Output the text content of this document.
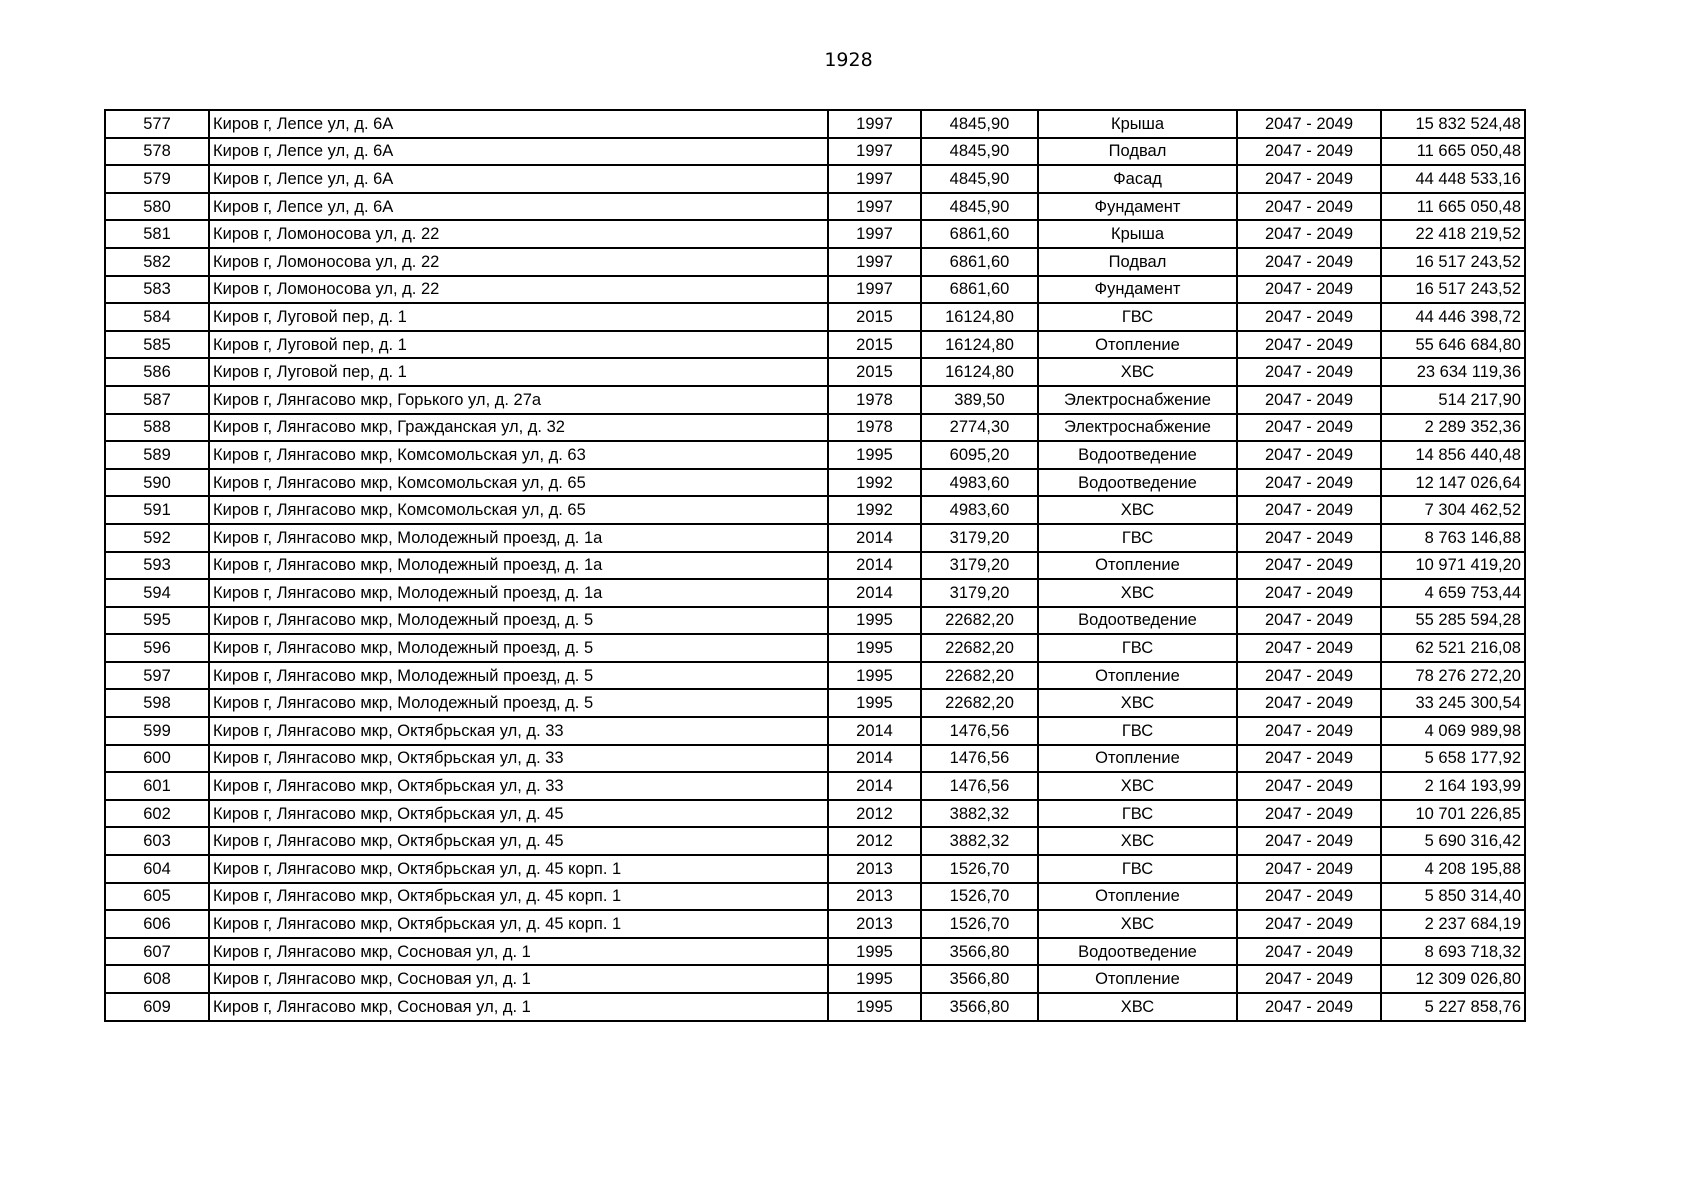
1928
577	Киров г, Лепсе ул, д. 6А	1997	4845,90	Крыша	2047 - 2049	15 832 524,48
578	Киров г, Лепсе ул, д. 6А	1997	4845,90	Подвал	2047 - 2049	11 665 050,48
579	Киров г, Лепсе ул, д. 6А	1997	4845,90	Фасад	2047 - 2049	44 448 533,16
580	Киров г, Лепсе ул, д. 6А	1997	4845,90	Фундамент	2047 - 2049	11 665 050,48
581	Киров г, Ломоносова ул, д. 22	1997	6861,60	Крыша	2047 - 2049	22 418 219,52
582	Киров г, Ломоносова ул, д. 22	1997	6861,60	Подвал	2047 - 2049	16 517 243,52
583	Киров г, Ломоносова ул, д. 22	1997	6861,60	Фундамент	2047 - 2049	16 517 243,52
584	Киров г, Луговой пер, д. 1	2015	16124,80	ГВС	2047 - 2049	44 446 398,72
585	Киров г, Луговой пер, д. 1	2015	16124,80	Отопление	2047 - 2049	55 646 684,80
586	Киров г, Луговой пер, д. 1	2015	16124,80	ХВС	2047 - 2049	23 634 119,36
587	Киров г, Лянгасово мкр, Горького ул, д. 27а	1978	389,50	Электроснабжение	2047 - 2049	514 217,90
588	Киров г, Лянгасово мкр, Гражданская ул, д. 32	1978	2774,30	Электроснабжение	2047 - 2049	2 289 352,36
589	Киров г, Лянгасово мкр, Комсомольская ул, д. 63	1995	6095,20	Водоотведение	2047 - 2049	14 856 440,48
590	Киров г, Лянгасово мкр, Комсомольская ул, д. 65	1992	4983,60	Водоотведение	2047 - 2049	12 147 026,64
591	Киров г, Лянгасово мкр, Комсомольская ул, д. 65	1992	4983,60	ХВС	2047 - 2049	7 304 462,52
592	Киров г, Лянгасово мкр, Молодежный проезд, д. 1а	2014	3179,20	ГВС	2047 - 2049	8 763 146,88
593	Киров г, Лянгасово мкр, Молодежный проезд, д. 1а	2014	3179,20	Отопление	2047 - 2049	10 971 419,20
594	Киров г, Лянгасово мкр, Молодежный проезд, д. 1а	2014	3179,20	ХВС	2047 - 2049	4 659 753,44
595	Киров г, Лянгасово мкр, Молодежный проезд, д. 5	1995	22682,20	Водоотведение	2047 - 2049	55 285 594,28
596	Киров г, Лянгасово мкр, Молодежный проезд, д. 5	1995	22682,20	ГВС	2047 - 2049	62 521 216,08
597	Киров г, Лянгасово мкр, Молодежный проезд, д. 5	1995	22682,20	Отопление	2047 - 2049	78 276 272,20
598	Киров г, Лянгасово мкр, Молодежный проезд, д. 5	1995	22682,20	ХВС	2047 - 2049	33 245 300,54
599	Киров г, Лянгасово мкр, Октябрьская ул, д. 33	2014	1476,56	ГВС	2047 - 2049	4 069 989,98
600	Киров г, Лянгасово мкр, Октябрьская ул, д. 33	2014	1476,56	Отопление	2047 - 2049	5 658 177,92
601	Киров г, Лянгасово мкр, Октябрьская ул, д. 33	2014	1476,56	ХВС	2047 - 2049	2 164 193,99
602	Киров г, Лянгасово мкр, Октябрьская ул, д. 45	2012	3882,32	ГВС	2047 - 2049	10 701 226,85
603	Киров г, Лянгасово мкр, Октябрьская ул, д. 45	2012	3882,32	ХВС	2047 - 2049	5 690 316,42
604	Киров г, Лянгасово мкр, Октябрьская ул, д. 45 корп. 1	2013	1526,70	ГВС	2047 - 2049	4 208 195,88
605	Киров г, Лянгасово мкр, Октябрьская ул, д. 45 корп. 1	2013	1526,70	Отопление	2047 - 2049	5 850 314,40
606	Киров г, Лянгасово мкр, Октябрьская ул, д. 45 корп. 1	2013	1526,70	ХВС	2047 - 2049	2 237 684,19
607	Киров г, Лянгасово мкр, Сосновая ул, д. 1	1995	3566,80	Водоотведение	2047 - 2049	8 693 718,32
608	Киров г, Лянгасово мкр, Сосновая ул, д. 1	1995	3566,80	Отопление	2047 - 2049	12 309 026,80
609	Киров г, Лянгасово мкр, Сосновая ул, д. 1	1995	3566,80	ХВС	2047 - 2049	5 227 858,76
